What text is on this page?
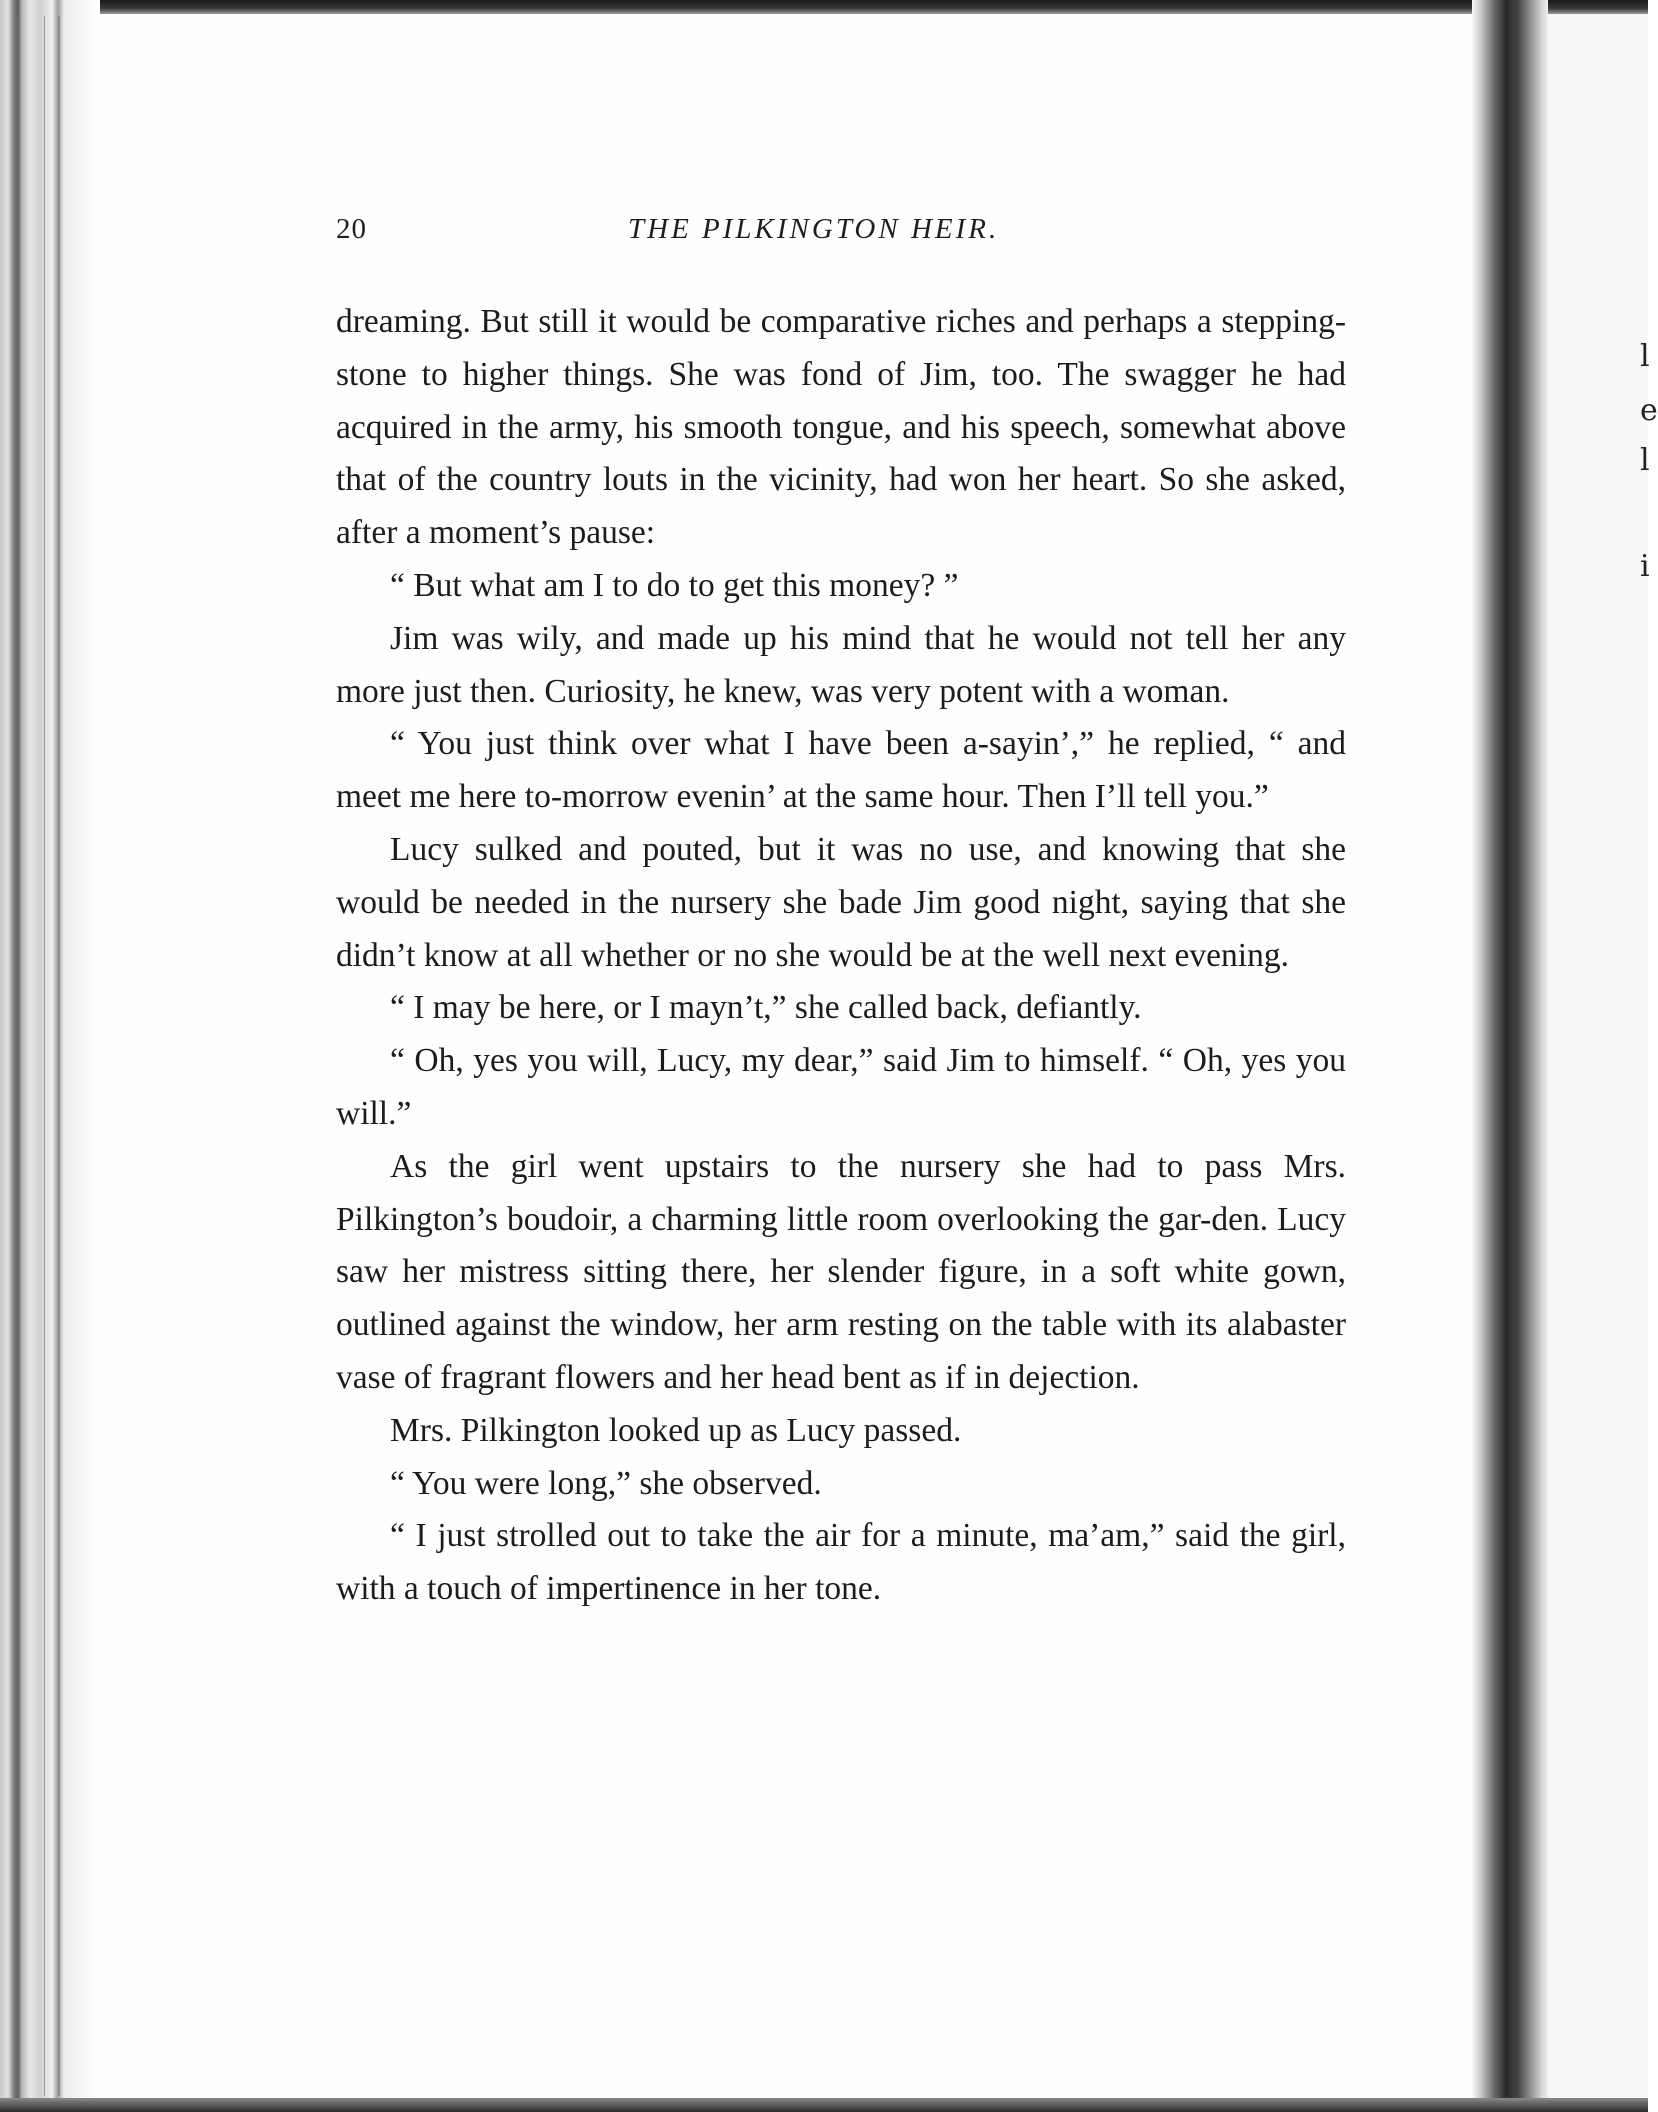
20	THE PILKINGTON HEIR.

dreaming. But still it would be comparative riches and perhaps a stepping-stone to higher things. She was fond of Jim, too. The swagger he had acquired in the army, his smooth tongue, and his speech, somewhat above that of the country louts in the vicinity, had won her heart. So she asked, after a moment’s pause:

“ But what am I to do to get this money? ”

Jim was wily, and made up his mind that he would not tell her any more just then. Curiosity, he knew, was very potent with a woman.

“ You just think over what I have been a-sayin’,” he replied, “ and meet me here to-morrow evenin’ at the same hour. Then I’ll tell you.”

Lucy sulked and pouted, but it was no use, and knowing that she would be needed in the nursery she bade Jim good night, saying that she didn’t know at all whether or no she would be at the well next evening.

“ I may be here, or I mayn’t,” she called back, defiantly.

“ Oh, yes you will, Lucy, my dear,” said Jim to himself. “ Oh, yes you will.”

As the girl went upstairs to the nursery she had to pass Mrs. Pilkington’s boudoir, a charming little room overlooking the gar-den. Lucy saw her mistress sitting there, her slender figure, in a soft white gown, outlined against the window, her arm resting on the table with its alabaster vase of fragrant flowers and her head bent as if in dejection.

Mrs. Pilkington looked up as Lucy passed.

“ You were long,” she observed.

“ I just strolled out to take the air for a minute, ma’am,” said the girl, with a touch of impertinence in her tone.

l
e
l
i
